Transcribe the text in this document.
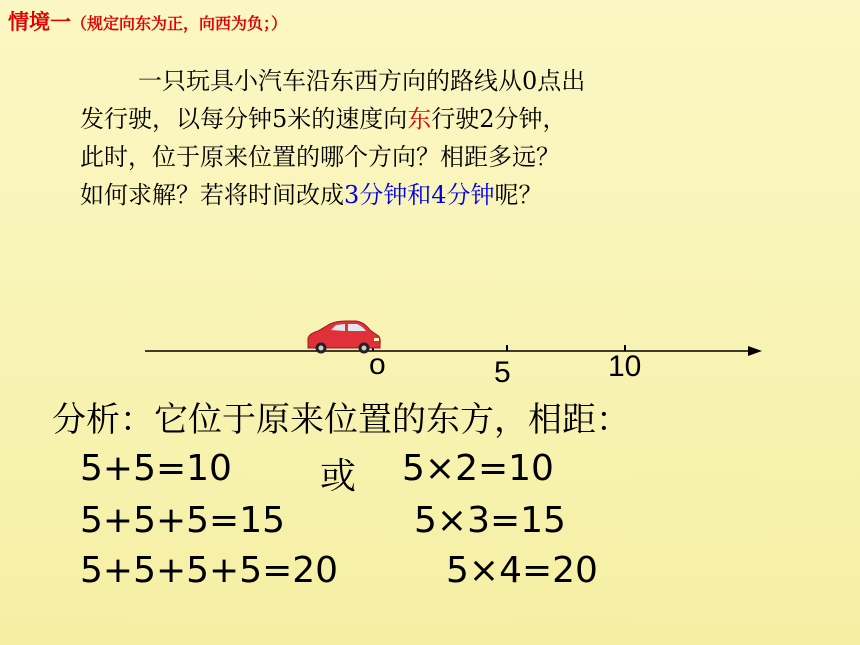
情境一（规定向东为正，向西为负；）
一只玩具小汽车沿东西方向的路线从0点出
发行驶，以每分钟5米的速度向东行驶2分钟，
此时，位于原来位置的哪个方向？相距多远？
如何求解？若将时间改成3分钟和4分钟呢？
o	5	10
分析：它位于原来位置的东方，相距：
5+5=10 或 5×2=10
5+5+5=15	5×3=15
5+5+5+5=20	5×4=20
